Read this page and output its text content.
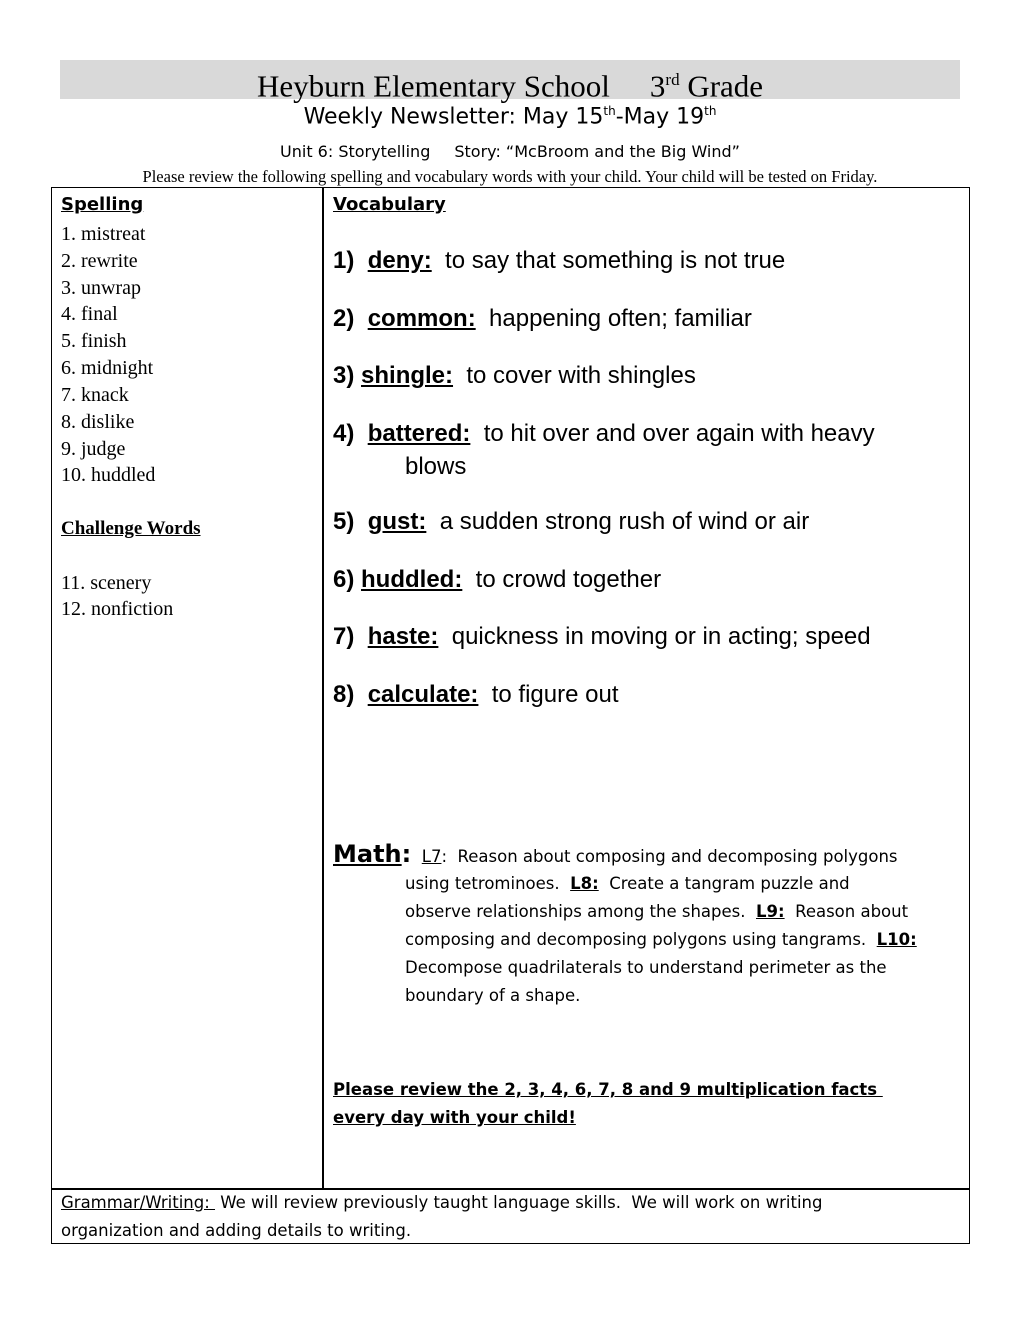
Heyburn Elementary School 3rd Grade
Weekly Newsletter: May 15th-May 19th
Unit 6: Storytelling Story: “McBroom and the Big Wind”
Please review the following spelling and vocabulary words with your child. Your child will be tested on Friday.
Spelling
1. mistreat
2. rewrite
3. unwrap
4. final
5. finish
6. midnight
7. knack
8. dislike
9. judge
10. huddled
Challenge Words
11. scenery
12. nonfiction
Vocabulary
1) deny: to say that something is not true
2) common: happening often; familiar
3) shingle: to cover with shingles
4) battered: to hit over and over again with heavy
blows
5) gust: a sudden strong rush of wind or air
6) huddled: to crowd together
7) haste: quickness in moving or in acting; speed
8) calculate: to figure out
Math: L7:  Reason about composing and decomposing polygons
using tetrominoes. L8: Create a tangram puzzle and
observe relationships among the shapes. L9: Reason about
composing and decomposing polygons using tangrams. L10:
Decompose quadrilaterals to understand perimeter as the
boundary of a shape.
Please review the 2, 3, 4, 6, 7, 8 and 9 multiplication facts
every day with your child!
Grammar/Writing:  We will review previously taught language skills.  We will work on writing
organization and adding details to writing.
